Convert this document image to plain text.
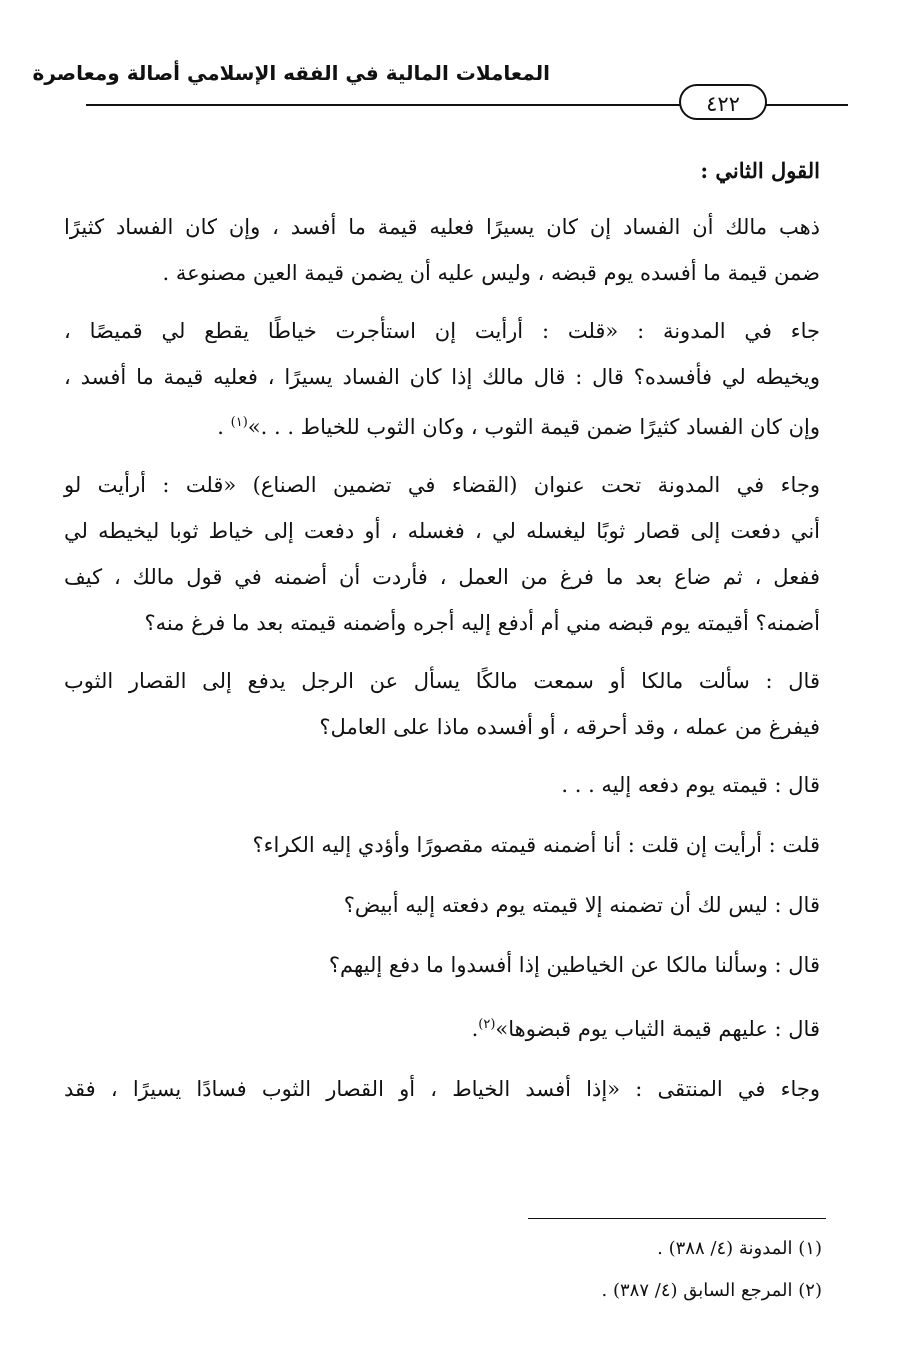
المعاملات المالية في الفقه الإسلامي أصالة ومعاصرة
٤٢٢
القول الثاني :
ذهب مالك أن الفساد إن كان يسيرًا فعليه قيمة ما أفسد ، وإن كان الفساد كثيرًا
ضمن قيمة ما أفسده يوم قبضه ، وليس عليه أن يضمن قيمة العين مصنوعة .
جاء في المدونة : «قلت : أرأيت إن استأجرت خياطًا يقطع لي قميصًا ،
ويخيطه لي فأفسده؟ قال : قال مالك إذا كان الفساد يسيرًا ، فعليه قيمة ما أفسد ،
وإن كان الفساد كثيرًا ضمن قيمة الثوب ، وكان الثوب للخياط . . .»$^{(١)}$ .
وجاء في المدونة تحت عنوان (القضاء في تضمين الصناع) «قلت : أرأيت لو
أني دفعت إلى قصار ثوبًا ليغسله لي ، فغسله ، أو دفعت إلى خياط ثوبا ليخيطه لي
ففعل ، ثم ضاع بعد ما فرغ من العمل ، فأردت أن أضمنه في قول مالك ، كيف
أضمنه؟ أقيمته يوم قبضه مني أم أدفع إليه أجره وأضمنه قيمته بعد ما فرغ منه؟
قال : سألت مالكا أو سمعت مالكًا يسأل عن الرجل يدفع إلى القصار الثوب
فيفرغ من عمله ، وقد أحرقه ، أو أفسده ماذا على العامل؟
قال : قيمته يوم دفعه إليه . . .
قلت : أرأيت إن قلت : أنا أضمنه قيمته مقصورًا وأؤدي إليه الكراء؟
قال : ليس لك أن تضمنه إلا قيمته يوم دفعته إليه أبيض؟
قال : وسألنا مالكا عن الخياطين إذا أفسدوا ما دفع إليهم؟
قال : عليهم قيمة الثياب يوم قبضوها»$^{(٢)}$.
وجاء في المنتقى : «إذا أفسد الخياط ، أو القصار الثوب فسادًا يسيرًا ، فقد
(١) المدونة (٤/ ٣٨٨) .
(٢) المرجع السابق (٤/ ٣٨٧) .
